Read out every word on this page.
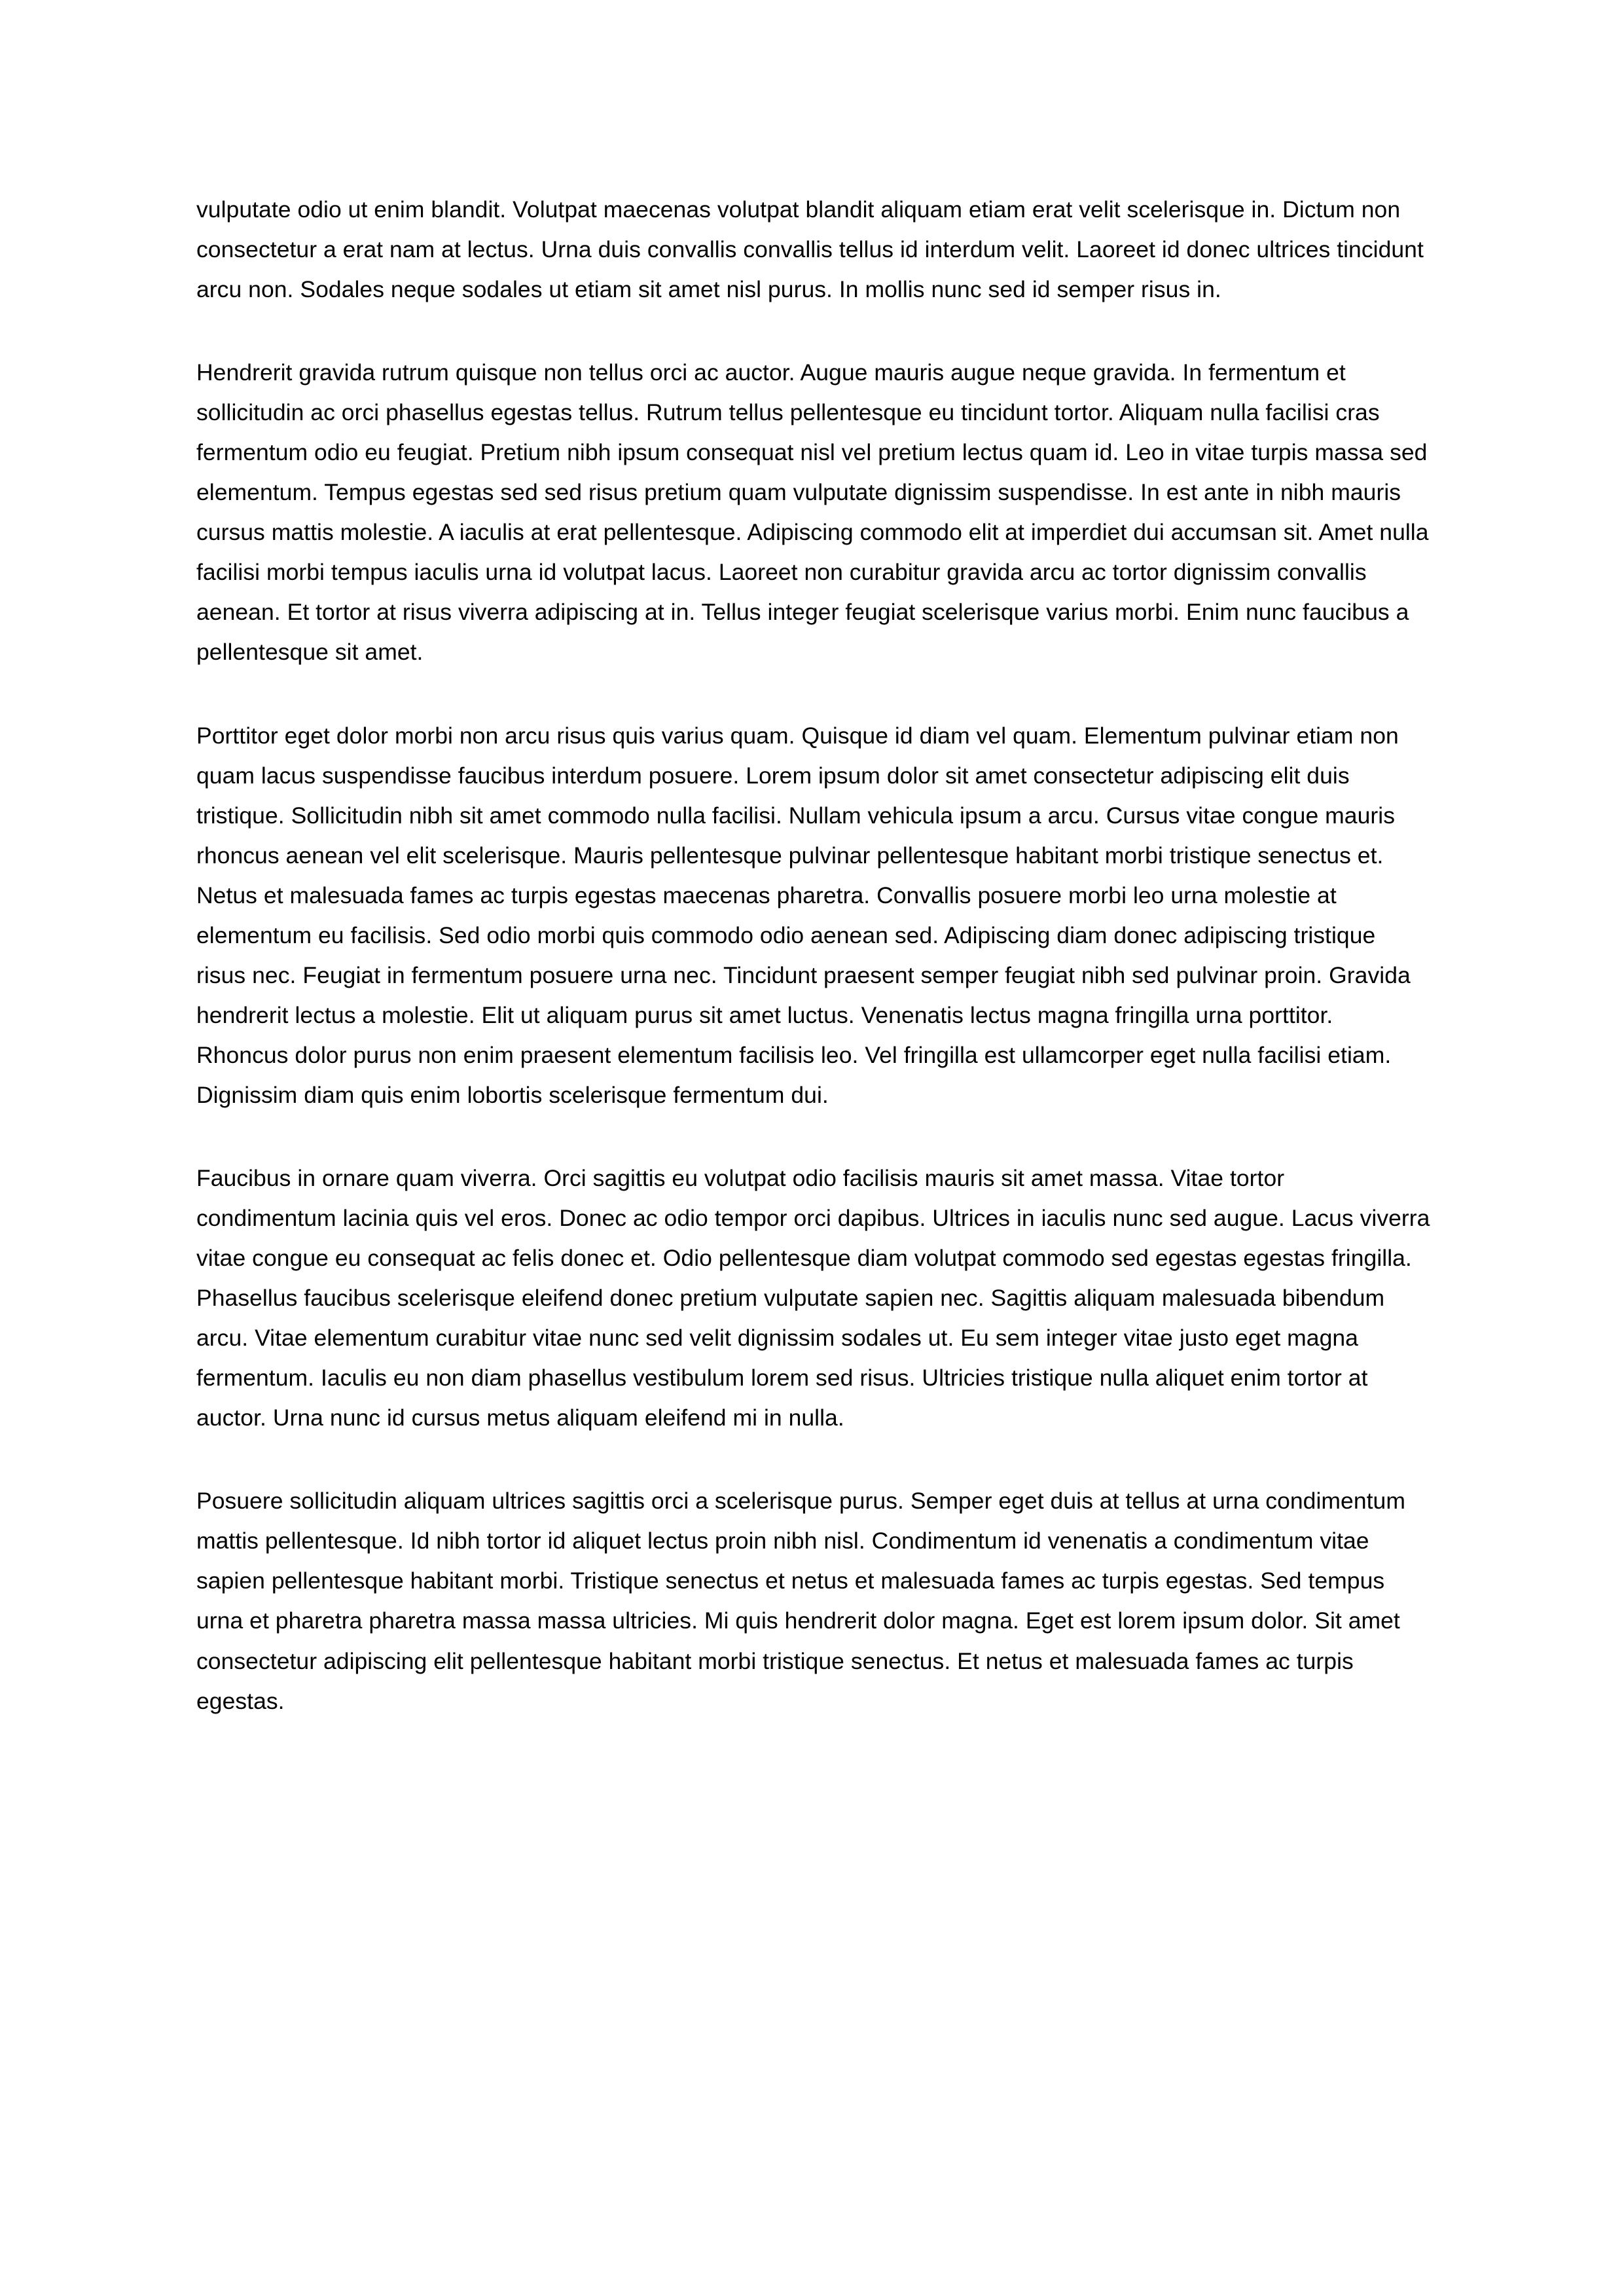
vulputate odio ut enim blandit. Volutpat maecenas volutpat blandit aliquam etiam erat velit scelerisque in. Dictum non consectetur a erat nam at lectus. Urna duis convallis convallis tellus id interdum velit. Laoreet id donec ultrices tincidunt arcu non. Sodales neque sodales ut etiam sit amet nisl purus. In mollis nunc sed id semper risus in.

Hendrerit gravida rutrum quisque non tellus orci ac auctor. Augue mauris augue neque gravida. In fermentum et sollicitudin ac orci phasellus egestas tellus. Rutrum tellus pellentesque eu tincidunt tortor. Aliquam nulla facilisi cras fermentum odio eu feugiat. Pretium nibh ipsum consequat nisl vel pretium lectus quam id. Leo in vitae turpis massa sed elementum. Tempus egestas sed sed risus pretium quam vulputate dignissim suspendisse. In est ante in nibh mauris cursus mattis molestie. A iaculis at erat pellentesque. Adipiscing commodo elit at imperdiet dui accumsan sit. Amet nulla facilisi morbi tempus iaculis urna id volutpat lacus. Laoreet non curabitur gravida arcu ac tortor dignissim convallis aenean. Et tortor at risus viverra adipiscing at in. Tellus integer feugiat scelerisque varius morbi. Enim nunc faucibus a pellentesque sit amet.

Porttitor eget dolor morbi non arcu risus quis varius quam. Quisque id diam vel quam. Elementum pulvinar etiam non quam lacus suspendisse faucibus interdum posuere. Lorem ipsum dolor sit amet consectetur adipiscing elit duis tristique. Sollicitudin nibh sit amet commodo nulla facilisi. Nullam vehicula ipsum a arcu. Cursus vitae congue mauris rhoncus aenean vel elit scelerisque. Mauris pellentesque pulvinar pellentesque habitant morbi tristique senectus et. Netus et malesuada fames ac turpis egestas maecenas pharetra. Convallis posuere morbi leo urna molestie at elementum eu facilisis. Sed odio morbi quis commodo odio aenean sed. Adipiscing diam donec adipiscing tristique risus nec. Feugiat in fermentum posuere urna nec. Tincidunt praesent semper feugiat nibh sed pulvinar proin. Gravida hendrerit lectus a molestie. Elit ut aliquam purus sit amet luctus. Venenatis lectus magna fringilla urna porttitor. Rhoncus dolor purus non enim praesent elementum facilisis leo. Vel fringilla est ullamcorper eget nulla facilisi etiam. Dignissim diam quis enim lobortis scelerisque fermentum dui.

Faucibus in ornare quam viverra. Orci sagittis eu volutpat odio facilisis mauris sit amet massa. Vitae tortor condimentum lacinia quis vel eros. Donec ac odio tempor orci dapibus. Ultrices in iaculis nunc sed augue. Lacus viverra vitae congue eu consequat ac felis donec et. Odio pellentesque diam volutpat commodo sed egestas egestas fringilla. Phasellus faucibus scelerisque eleifend donec pretium vulputate sapien nec. Sagittis aliquam malesuada bibendum arcu. Vitae elementum curabitur vitae nunc sed velit dignissim sodales ut. Eu sem integer vitae justo eget magna fermentum. Iaculis eu non diam phasellus vestibulum lorem sed risus. Ultricies tristique nulla aliquet enim tortor at auctor. Urna nunc id cursus metus aliquam eleifend mi in nulla.

Posuere sollicitudin aliquam ultrices sagittis orci a scelerisque purus. Semper eget duis at tellus at urna condimentum mattis pellentesque. Id nibh tortor id aliquet lectus proin nibh nisl. Condimentum id venenatis a condimentum vitae sapien pellentesque habitant morbi. Tristique senectus et netus et malesuada fames ac turpis egestas. Sed tempus urna et pharetra pharetra massa massa ultricies. Mi quis hendrerit dolor magna. Eget est lorem ipsum dolor. Sit amet consectetur adipiscing elit pellentesque habitant morbi tristique senectus. Et netus et malesuada fames ac turpis egestas.
